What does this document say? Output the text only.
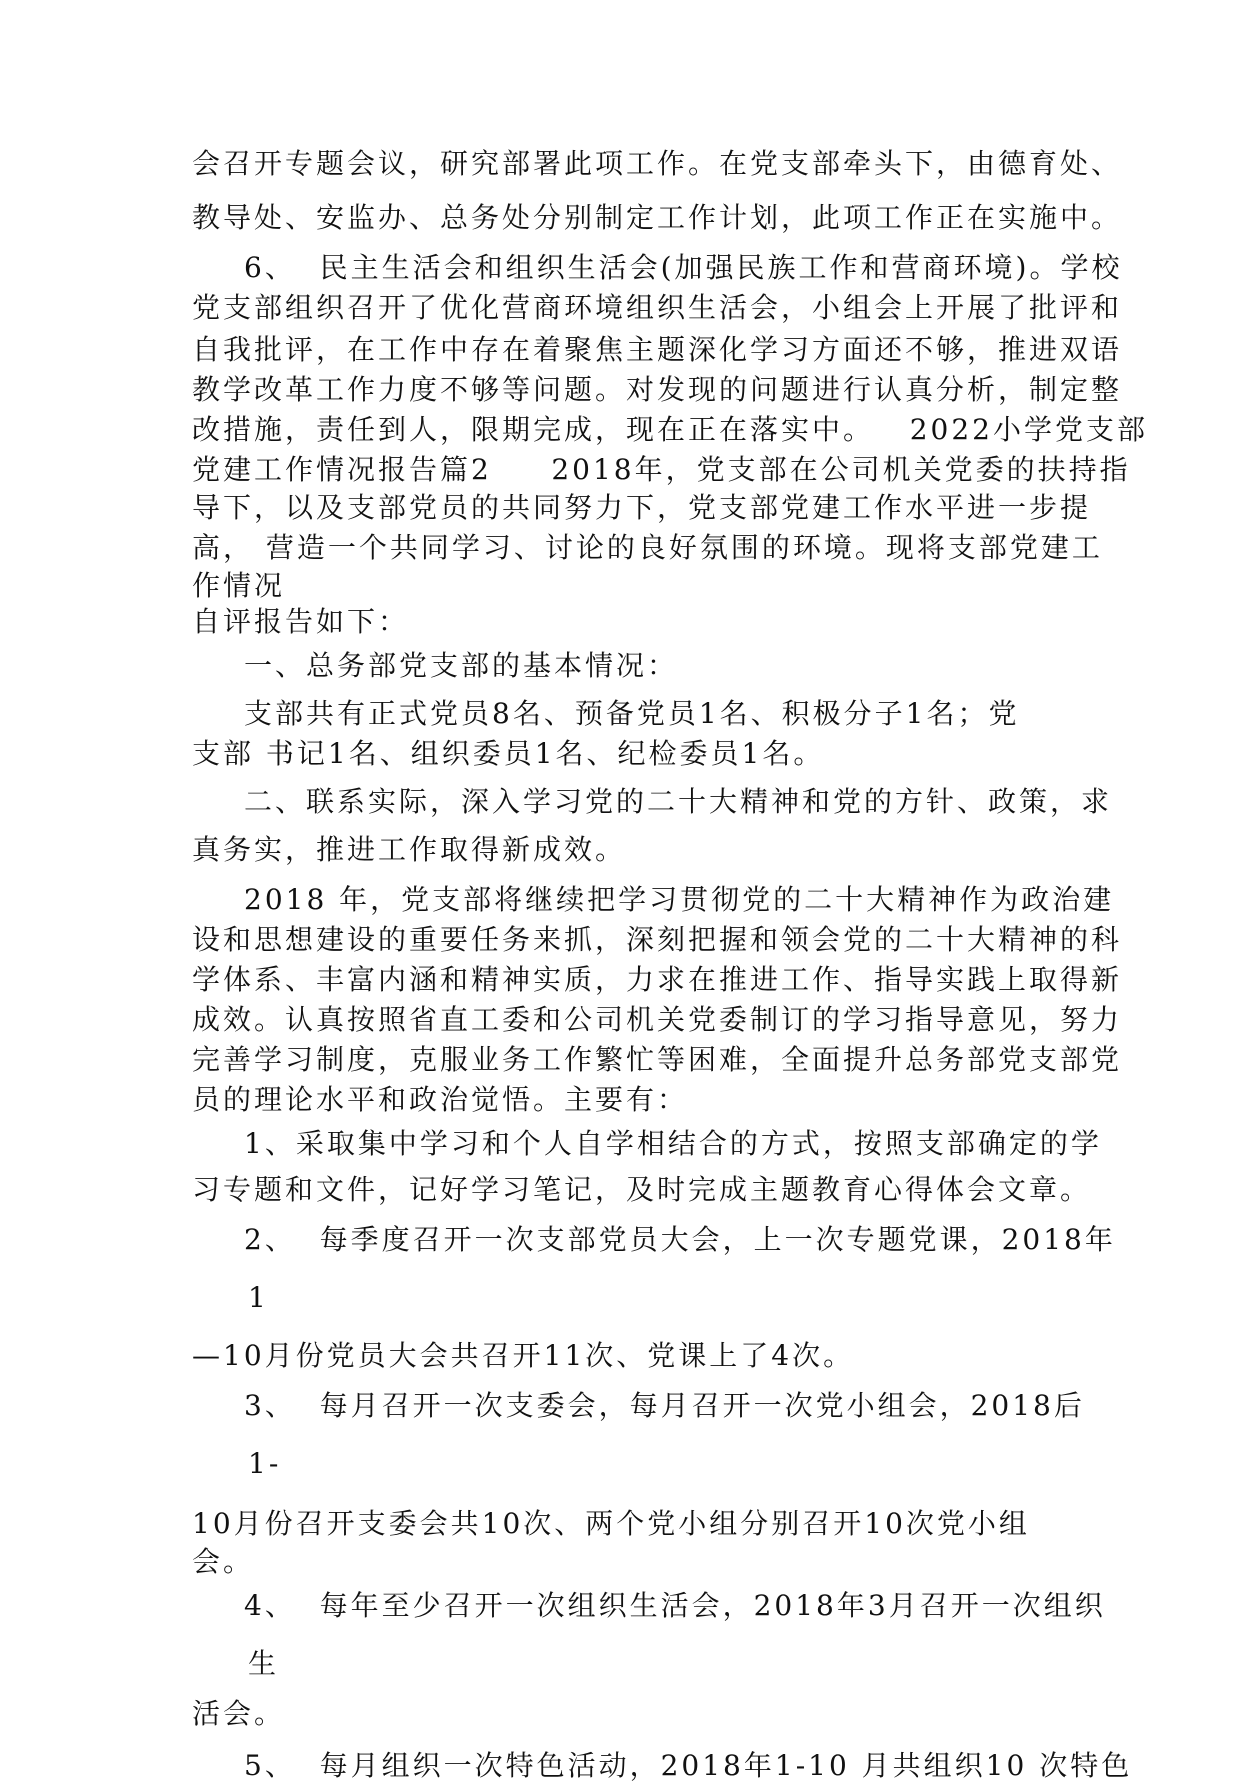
会召开专题会议，研究部署此项工作。在党支部牵头下，由德育处、
教导处、安监办、总务处分别制定工作计划，此项工作正在实施中。
6、  民主生活会和组织生活会(加强民族工作和营商环境)。学校
党支部组织召开了优化营商环境组织生活会，小组会上开展了批评和
自我批评，在工作中存在着聚焦主题深化学习方面还不够，推进双语
教学改革工作力度不够等问题。对发现的问题进行认真分析，制定整
改措施，责任到人，限期完成，现在正在落实中。   2022小学党支部
党建工作情况报告篇2     2018年，党支部在公司机关党委的扶持指
导下，以及支部党员的共同努力下，党支部党建工作水平进一步提
高， 营造一个共同学习、讨论的良好氛围的环境。现将支部党建工
作情况
自评报告如下：
一、总务部党支部的基本情况：
支部共有正式党员8名、预备党员1名、积极分子1名；党
支部 书记1名、组织委员1名、纪检委员1名。
二、联系实际，深入学习党的二十大精神和党的方针、政策，求
真务实，推进工作取得新成效。
2018 年，党支部将继续把学习贯彻党的二十大精神作为政治建
设和思想建设的重要任务来抓，深刻把握和领会党的二十大精神的科
学体系、丰富内涵和精神实质，力求在推进工作、指导实践上取得新
成效。认真按照省直工委和公司机关党委制订的学习指导意见，努力
完善学习制度，克服业务工作繁忙等困难，全面提升总务部党支部党
员的理论水平和政治觉悟。主要有：
1、采取集中学习和个人自学相结合的方式，按照支部确定的学
习专题和文件，记好学习笔记，及时完成主题教育心得体会文章。
2、  每季度召开一次支部党员大会，上一次专题党课，2018年
1
—10月份党员大会共召开11次、党课上了4次。
3、  每月召开一次支委会，每月召开一次党小组会，2018后
1-
10月份召开支委会共10次、两个党小组分别召开10次党小组
会。
4、  每年至少召开一次组织生活会，2018年3月召开一次组织
生
活会。
5、  每月组织一次特色活动，2018年1-10 月共组织10 次特色
